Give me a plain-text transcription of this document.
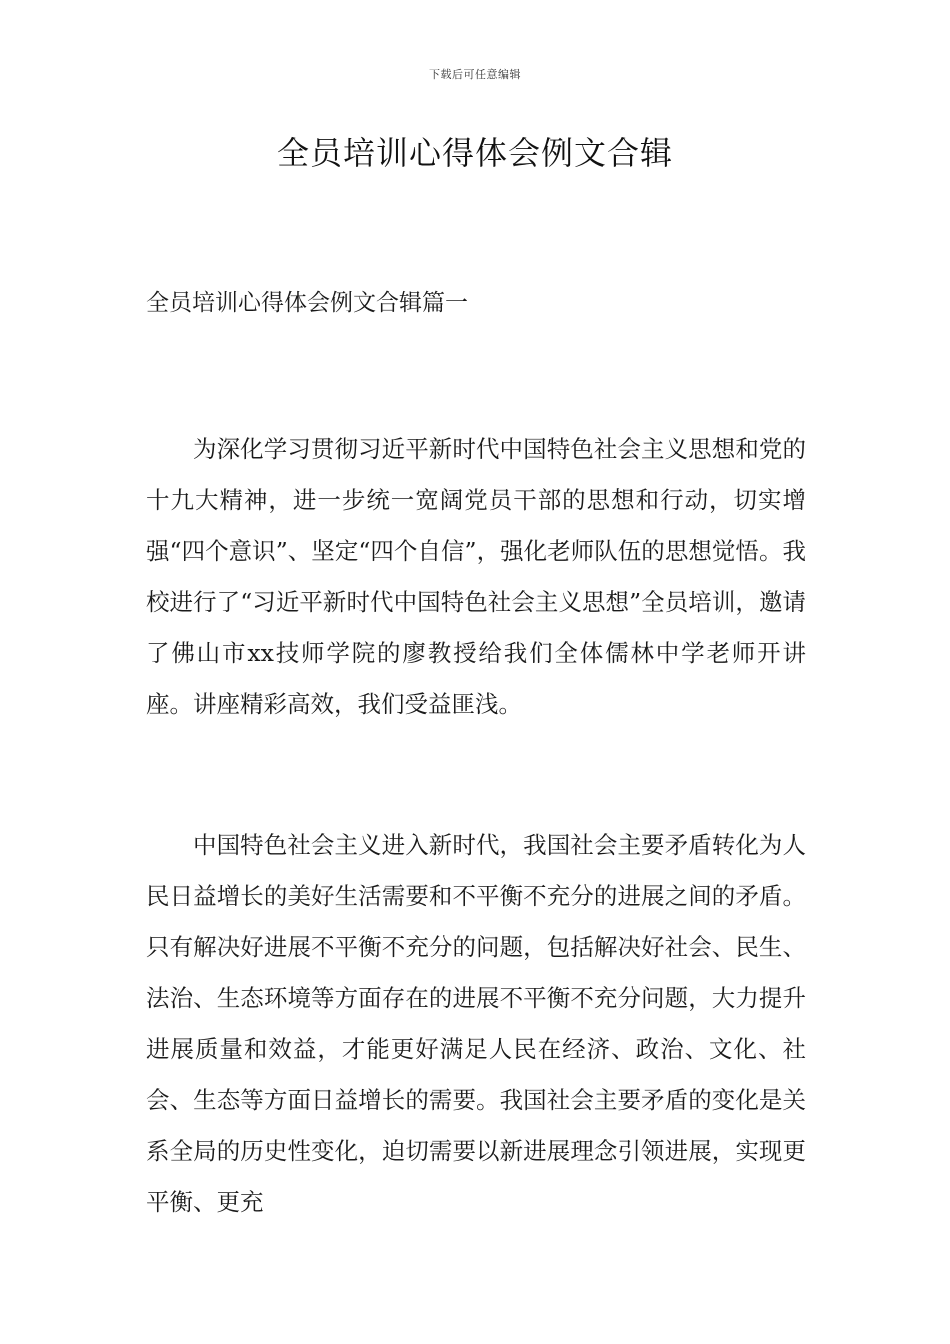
下载后可任意编辑
全员培训心得体会例文合辑
全员培训心得体会例文合辑篇一

为深化学习贯彻习近平新时代中国特色社会主义思想和党的十九大精神，进一步统一宽阔党员干部的思想和行动，切实增强“四个意识”、坚定“四个自信”，强化老师队伍的思想觉悟。我校进行了“习近平新时代中国特色社会主义思想”全员培训，邀请了佛山市xx技师学院的廖教授给我们全体儒林中学老师开讲座。讲座精彩高效，我们受益匪浅。

中国特色社会主义进入新时代，我国社会主要矛盾转化为人民日益增长的美好生活需要和不平衡不充分的进展之间的矛盾。只有解决好进展不平衡不充分的问题，包括解决好社会、民生、法治、生态环境等方面存在的进展不平衡不充分问题，大力提升进展质量和效益，才能更好满足人民在经济、政治、文化、社会、生态等方面日益增长的需要。我国社会主要矛盾的变化是关系全局的历史性变化，迫切需要以新进展理念引领进展，实现更平衡、更充
